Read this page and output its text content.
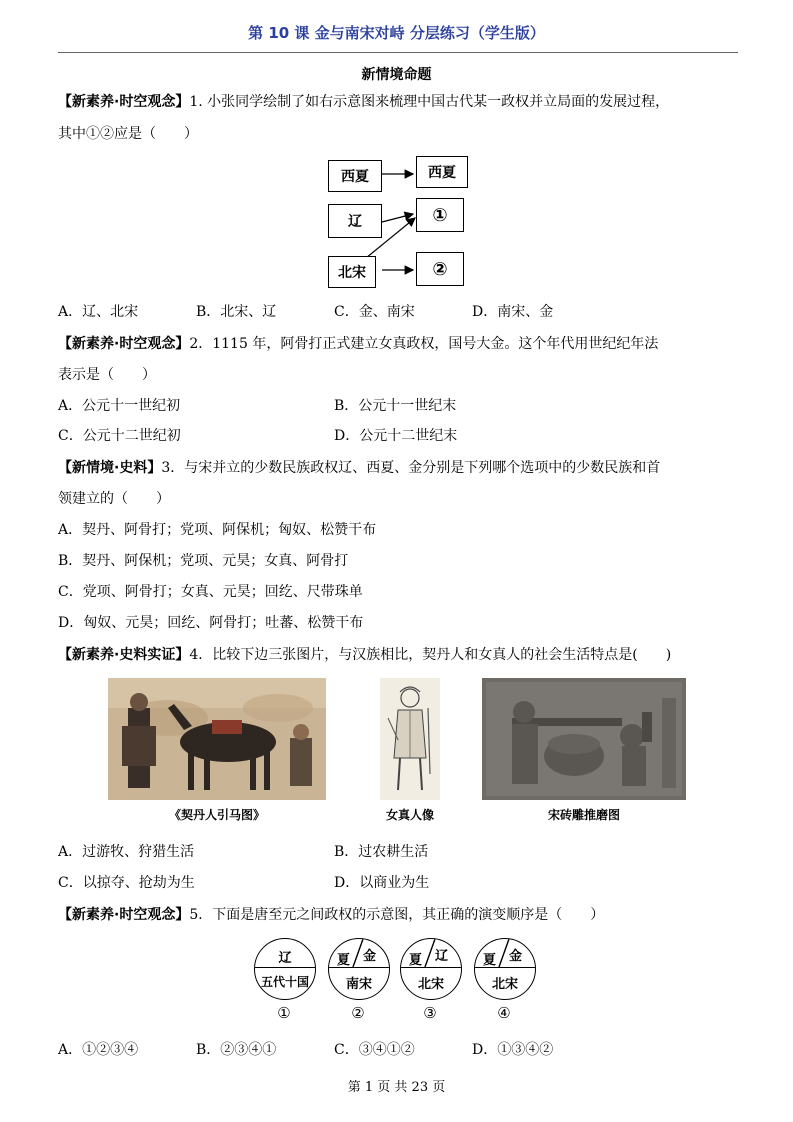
第 10 课 金与南宋对峙 分层练习（学生版）
新情境命题
【新素养·时空观念】1. 小张同学绘制了如右示意图来梳理中国古代某一政权并立局面的发展过程，
其中①②应是（　　）
西夏	西夏
辽	①
北宋	②
A．辽、北宋	B．北宋、辽	C．金、南宋	D．南宋、金
【新素养·时空观念】2．1115 年，阿骨打正式建立女真政权，国号大金。这个年代用世纪纪年法
表示是（　　）
A．公元十一世纪初	B．公元十一世纪末
C．公元十二世纪初	D．公元十二世纪末
【新情境·史料】3．与宋并立的少数民族政权辽、西夏、金分别是下列哪个选项中的少数民族和首
领建立的（　　）
A．契丹、阿骨打；党项、阿保机；匈奴、松赞干布
B．契丹、阿保机；党项、元昊；女真、阿骨打
C．党项、阿骨打；女真、元昊；回纥、尺带珠单
D．匈奴、元昊；回纥、阿骨打；吐蕃、松赞干布
【新素养·史料实证】4．比较下边三张图片，与汉族相比，契丹人和女真人的社会生活特点是(　　)
《契丹人引马图》	女真人像	宋砖雕推磨图
A．过游牧、狩猎生活	B．过农耕生活
C．以掠夺、抢劫为生	D．以商业为生
【新素养·时空观念】5．下面是唐至元之间政权的示意图，其正确的演变顺序是（　　）
辽
五代十国
①
夏 金
南宋
②
夏 辽
北宋
③
夏 金
北宋
④
A．①②③④	B．②③④①	C．③④①②	D．①③④②
第 1 页 共 23 页
